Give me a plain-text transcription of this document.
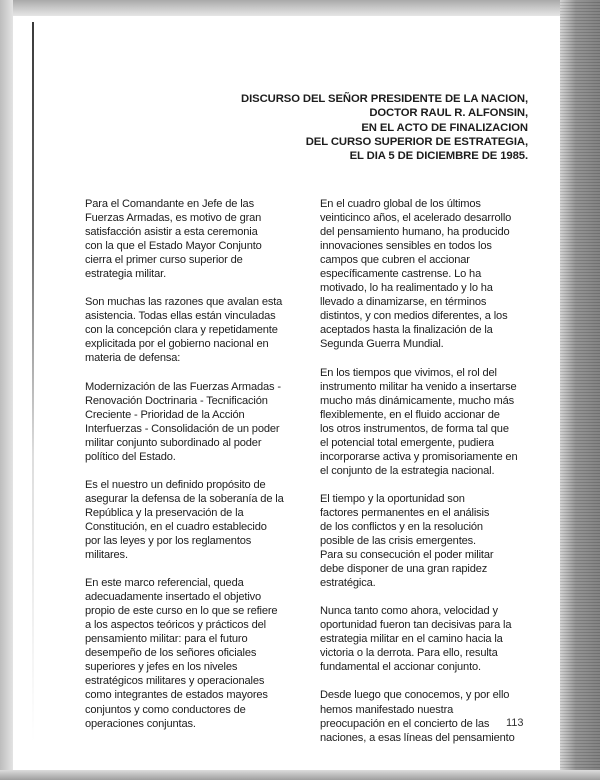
DISCURSO DEL SEÑOR PRESIDENTE DE LA NACION,
DOCTOR RAUL R. ALFONSIN,
EN EL ACTO DE FINALIZACION
DEL CURSO SUPERIOR DE ESTRATEGIA,
EL DIA 5 DE DICIEMBRE DE 1985.
Para el Comandante en Jefe de las
Fuerzas Armadas, es motivo de gran
satisfacción asistir a esta ceremonia
con la que el Estado Mayor Conjunto
cierra el primer curso superior de
estrategia militar.
Son muchas las razones que avalan esta
asistencia. Todas ellas están vinculadas
con la concepción clara y repetidamente
explicitada por el gobierno nacional en
materia de defensa:
Modernización de las Fuerzas Armadas -
Renovación Doctrinaria - Tecnificación
Creciente - Prioridad de la Acción
Interfuerzas - Consolidación de un poder
militar conjunto subordinado al poder
político del Estado.
Es el nuestro un definido propósito de
asegurar la defensa de la soberanía de la
República y la preservación de la
Constitución, en el cuadro establecido
por las leyes y por los reglamentos
militares.
En este marco referencial, queda
adecuadamente insertado el objetivo
propio de este curso en lo que se refiere
a los aspectos teóricos y prácticos del
pensamiento militar: para el futuro
desempeño de los señores oficiales
superiores y jefes en los niveles
estratégicos militares y operacionales
como integrantes de estados mayores
conjuntos y como conductores de
operaciones conjuntas.
En el cuadro global de los últimos
veinticinco años, el acelerado desarrollo
del pensamiento humano, ha producido
innovaciones sensibles en todos los
campos que cubren el accionar
específicamente castrense. Lo ha
motivado, lo ha realimentado y lo ha
llevado a dinamizarse, en términos
distintos, y con medios diferentes, a los
aceptados hasta la finalización de la
Segunda Guerra Mundial.
En los tiempos que vivimos, el rol del
instrumento militar ha venido a insertarse
mucho más dinámicamente, mucho más
flexiblemente, en el fluido accionar de
los otros instrumentos, de forma tal que
el potencial total emergente, pudiera
incorporarse activa y promisoriamente en
el conjunto de la estrategia nacional.
El tiempo y la oportunidad son
factores permanentes en el análisis
de los conflictos y en la resolución
posible de las crisis emergentes.
Para su consecución el poder militar
debe disponer de una gran rapidez
estratégica.
Nunca tanto como ahora, velocidad y
oportunidad fueron tan decisivas para la
estrategia militar en el camino hacia la
victoria o la derrota. Para ello, resulta
fundamental el accionar conjunto.
Desde luego que conocemos, y por ello
hemos manifestado nuestra
preocupación en el concierto de las
naciones, a esas líneas del pensamiento
113
